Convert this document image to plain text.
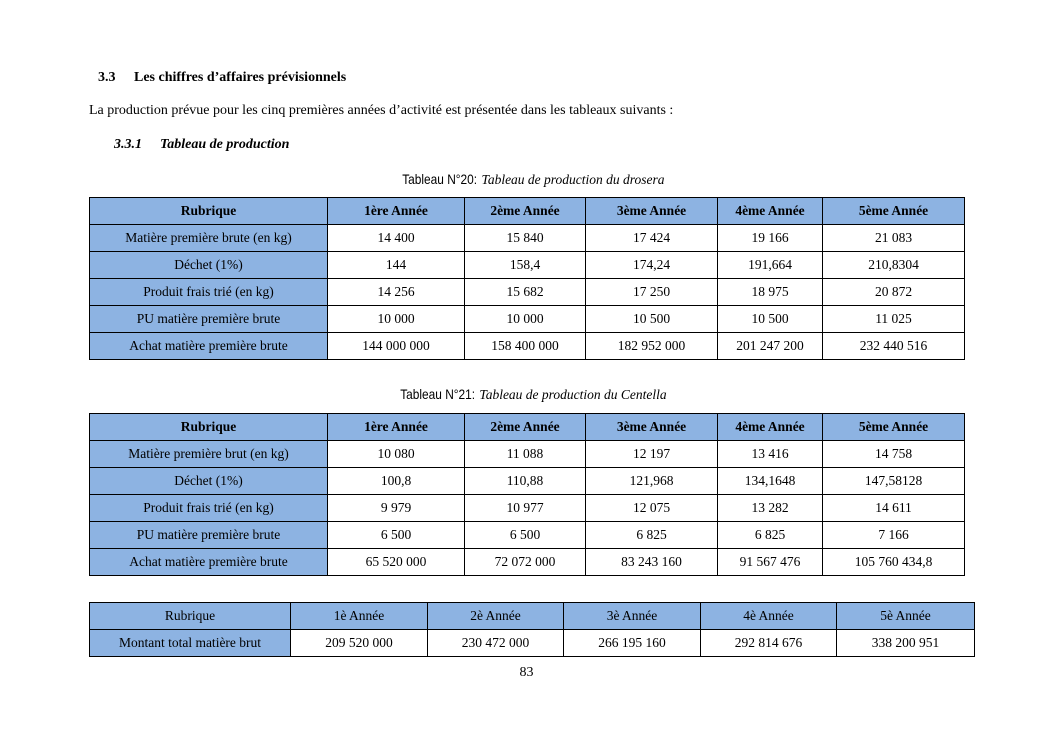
3.3 Les chiffres d’affaires prévisionnels
La production prévue pour les cinq premières années d’activité est présentée dans les tableaux suivants :
3.3.1 Tableau de production
Tableau N°20: Tableau de production du drosera
Rubrique	1ère Année	2ème Année	3ème Année	4ème Année	5ème Année
Matière première brute (en kg)	14 400	15 840	17 424	19 166	21 083
Déchet (1%)	144	158,4	174,24	191,664	210,8304
Produit frais trié (en kg)	14 256	15 682	17 250	18 975	20 872
PU matière première brute	10 000	10 000	10 500	10 500	11 025
Achat matière première brute	144 000 000	158 400 000	182 952 000	201 247 200	232 440 516
Tableau N°21: Tableau de production du Centella
Rubrique	1ère Année	2ème Année	3ème Année	4ème Année	5ème Année
Matière première brut (en kg)	10 080	11 088	12 197	13 416	14 758
Déchet (1%)	100,8	110,88	121,968	134,1648	147,58128
Produit frais trié (en kg)	9 979	10 977	12 075	13 282	14 611
PU matière première brute	6 500	6 500	6 825	6 825	7 166
Achat matière première brute	65 520 000	72 072 000	83 243 160	91 567 476	105 760 434,8
Rubrique	1è Année	2è Année	3è Année	4è Année	5è Année
Montant total matière brut	209 520 000	230 472 000	266 195 160	292 814 676	338 200 951
83
